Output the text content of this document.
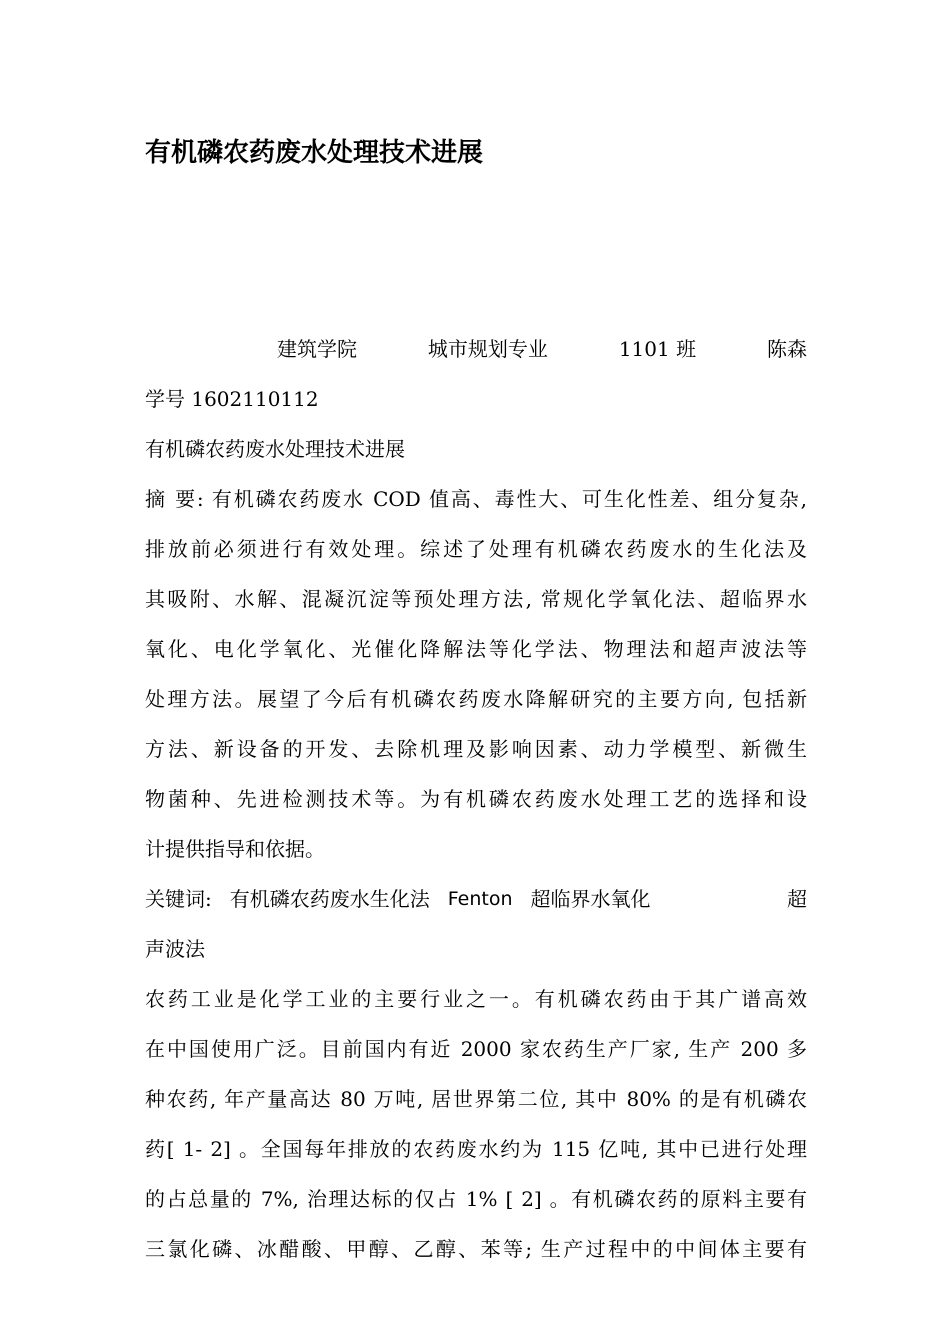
有机磷农药废水处理技术进展
建筑学院	城市规划专业	1101 班	陈森
学号 1602110112
有机磷农药废水处理技术进展
摘 要: 有机磷农药废水 COD 值高、毒性大、可生化性差、组分复杂,
排放前必须进行有效处理。综述了处理有机磷农药废水的生化法及
其吸附、水解、混凝沉淀等预处理方法, 常规化学氧化法、超临界水
氧化、电化学氧化、光催化降解法等化学法、物理法和超声波法等
处理方法。展望了今后有机磷农药废水降解研究的主要方向, 包括新
方法、新设备的开发、去除机理及影响因素、动力学模型、新微生
物菌种、先进检测技术等。为有机磷农药废水处理工艺的选择和设
计提供指导和依据。
关键词: 有机磷农药废水生化法 Fenton 超临界水氧化	超
声波法
农药工业是化学工业的主要行业之一。有机磷农药由于其广谱高效
在中国使用广泛。目前国内有近 2000 家农药生产厂家, 生产 200 多
种农药, 年产量高达 80 万吨, 居世界第二位, 其中 80% 的是有机磷农
药[ 1- 2] 。全国每年排放的农药废水约为 115 亿吨, 其中已进行处理
的占总量的 7%, 治理达标的仅占 1% [ 2] 。有机磷农药的原料主要有
三氯化磷、冰醋酸、甲醇、乙醇、苯等; 生产过程中的中间体主要有
